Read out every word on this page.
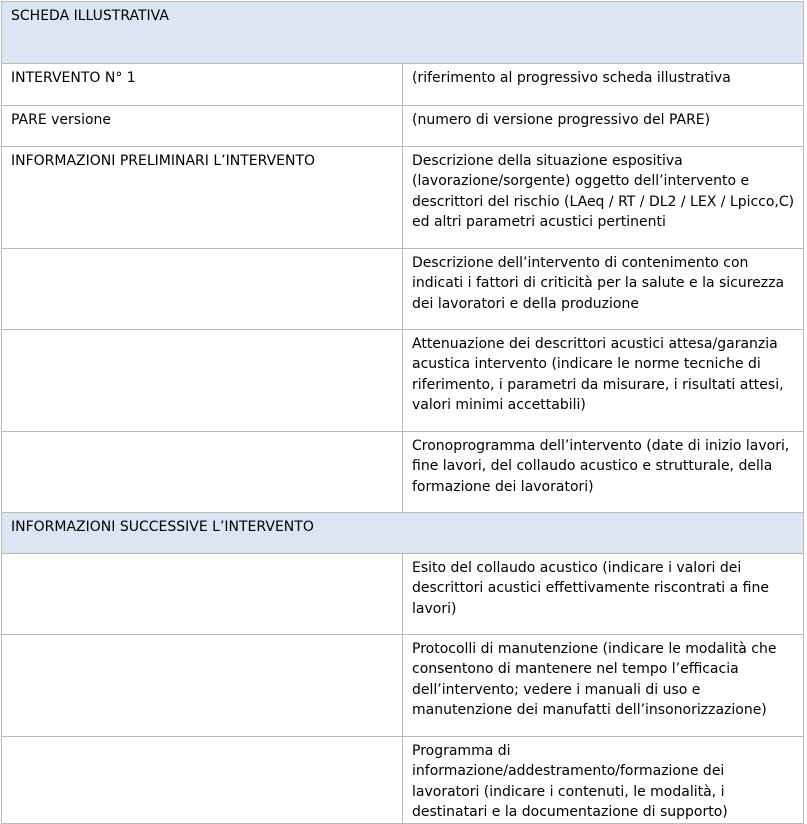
SCHEDA ILLUSTRATIVA	
INTERVENTO N° 1	(riferimento al progressivo scheda illustrativa
PARE versione	(numero di versione progressivo del PARE)
INFORMAZIONI PRELIMINARI L’INTERVENTO	Descrizione della situazione espositiva (lavorazione/sorgente) oggetto dell’intervento e descrittori del rischio (LAeq / RT / DL2 / LEX / Lpicco,C) ed altri parametri acustici pertinenti
	Descrizione dell’intervento di contenimento con indicati i fattori di criticità per la salute e la sicurezza dei lavoratori e della produzione
	Attenuazione dei descrittori acustici attesa/garanzia acustica intervento (indicare le norme tecniche di riferimento, i parametri da misurare, i risultati attesi, valori minimi accettabili)
	Cronoprogramma dell’intervento (date di inizio lavori, fine lavori, del collaudo acustico e strutturale, della formazione dei lavoratori)
INFORMAZIONI SUCCESSIVE L’INTERVENTO	
	Esito del collaudo acustico (indicare i valori dei descrittori acustici effettivamente riscontrati a fine lavori)
	Protocolli di manutenzione (indicare le modalità che consentono di mantenere nel tempo l’efficacia dell’intervento; vedere i manuali di uso e manutenzione dei manufatti dell’insonorizzazione)
	Programma di informazione/addestramento/formazione dei lavoratori (indicare i contenuti, le modalità, i destinatari e la documentazione di supporto)
